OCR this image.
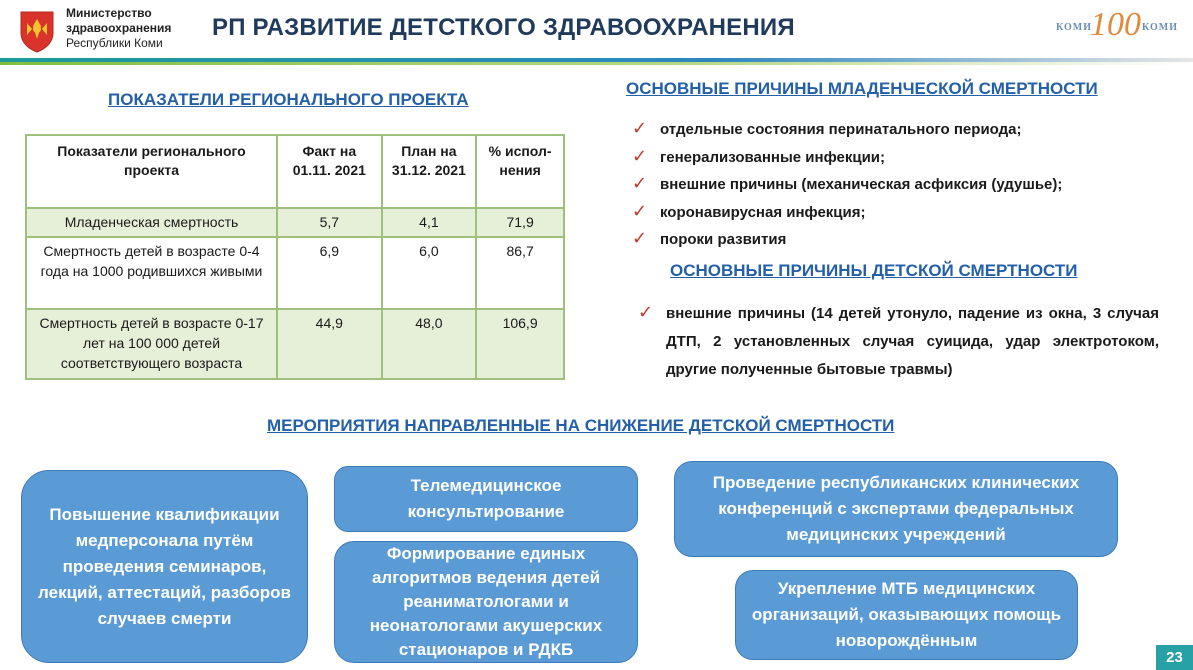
Министерство
здравоохранения
Республики Коми
РП РАЗВИТИЕ ДЕТСТКОГО ЗДРАВООХРАНЕНИЯ	КОМИ
100 КОМИ
ПОКАЗАТЕЛИ РЕГИОНАЛЬНОГО ПРОЕКТА
Показатели регионального проекта	Факт на 01.11. 2021	План на 31.12. 2021	% испол-нения
Младенческая смертность	5,7	4,1	71,9
Смертность детей в возрасте 0-4 года на 1000 родившихся живыми	6,9	6,0	86,7
Смертность детей в возрасте 0-17 лет на 100 000 детей соответствующего возраста	44,9	48,0	106,9
ОСНОВНЫЕ ПРИЧИНЫ МЛАДЕНЧЕСКОЙ СМЕРТНОСТИ
✓ отдельные состояния перинатального периода;
✓ генерализованные инфекции;
✓ внешние причины (механическая асфиксия (удушье);
✓ коронавирусная инфекция;
✓ пороки развития
ОСНОВНЫЕ ПРИЧИНЫ ДЕТСКОЙ СМЕРТНОСТИ
✓ внешние причины (14 детей утонуло, падение из окна, 3 случая ДТП, 2 установленных случая суицида, удар электротоком, другие полученные бытовые травмы)
МЕРОПРИЯТИЯ НАПРАВЛЕННЫЕ НА СНИЖЕНИЕ ДЕТСКОЙ СМЕРТНОСТИ
Повышение квалификации медперсонала путём проведения семинаров, лекций, аттестаций, разборов случаев смерти
Телемедицинское консультирование
Формирование единых алгоритмов ведения детей реаниматологами и неонатологами акушерских стационаров и РДКБ
Проведение республиканских клинических конференций с экспертами федеральных медицинских учреждений
Укрепление МТБ медицинских организаций, оказывающих помощь новорождённым
23
